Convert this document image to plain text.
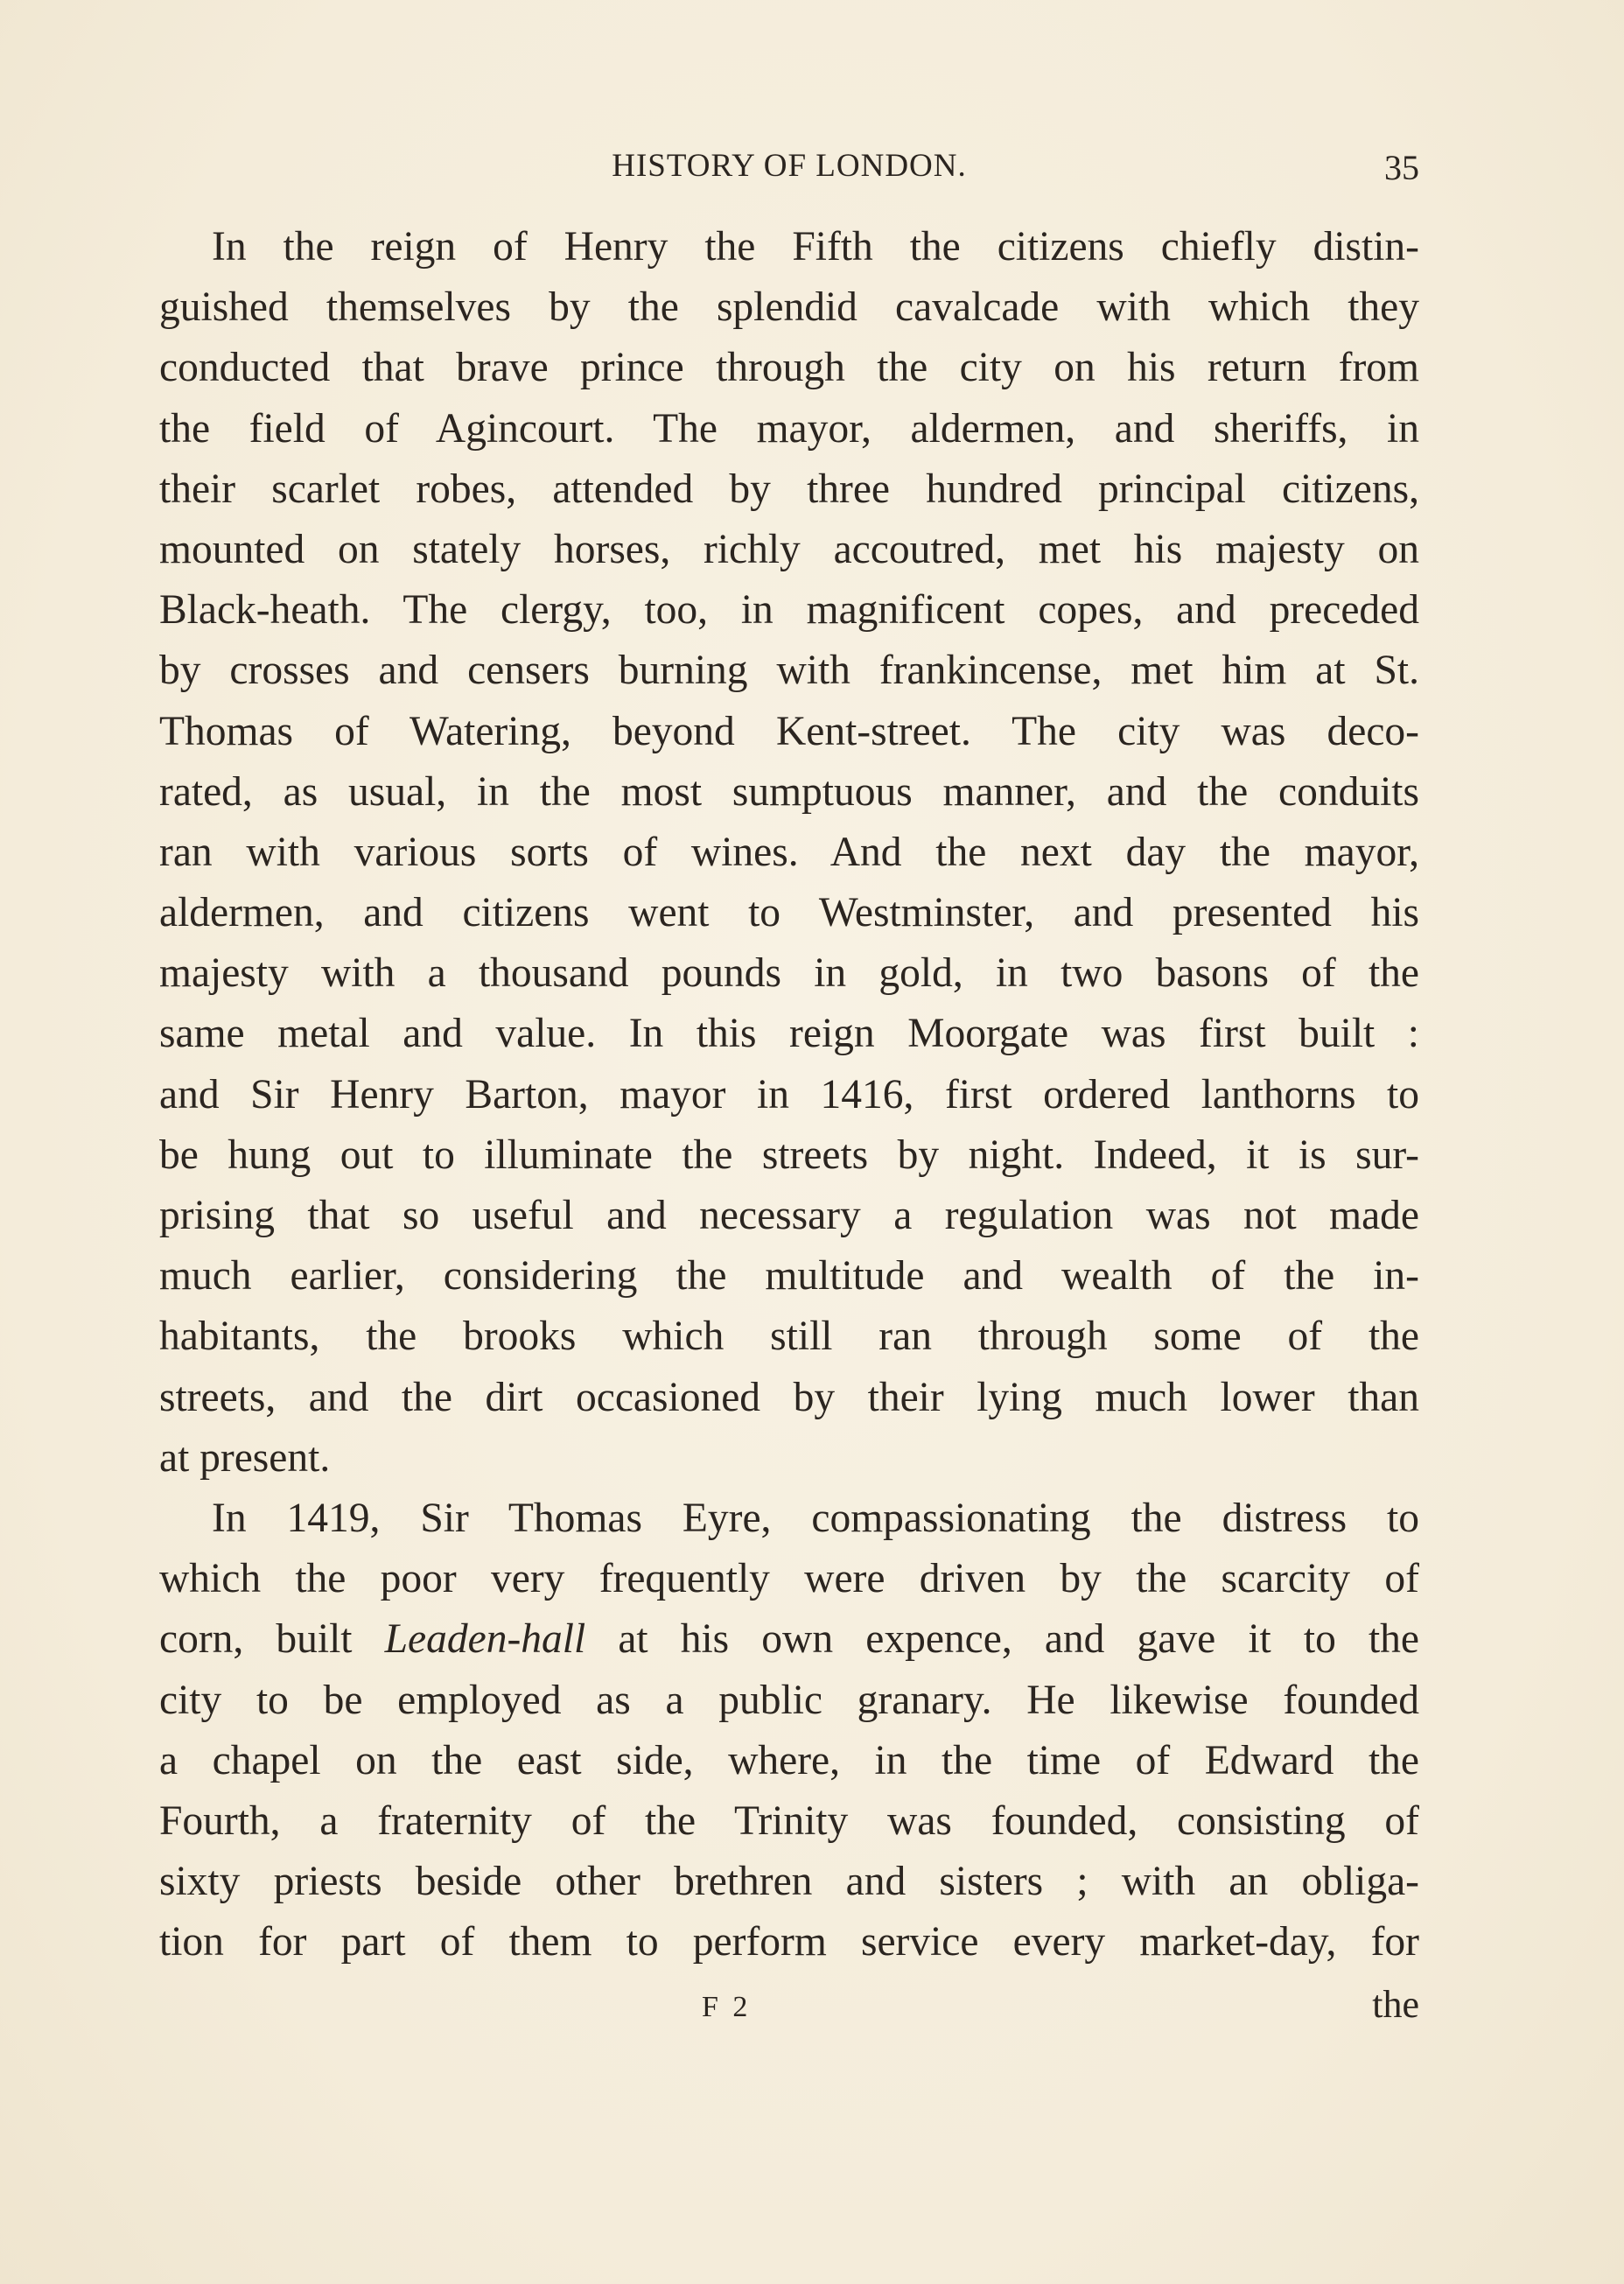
HISTORY OF LONDON.	35
In the reign of Henry the Fifth the citizens chiefly distin-
guished themselves by the splendid cavalcade with which they
conducted that brave prince through the city on his return from
the field of Agincourt. The mayor, aldermen, and sheriffs, in
their scarlet robes, attended by three hundred principal citizens,
mounted on stately horses, richly accoutred, met his majesty on
Black-heath. The clergy, too, in magnificent copes, and preceded
by crosses and censers burning with frankincense, met him at St.
Thomas of Watering, beyond Kent-street. The city was deco-
rated, as usual, in the most sumptuous manner, and the conduits
ran with various sorts of wines. And the next day the mayor,
aldermen, and citizens went to Westminster, and presented his
majesty with a thousand pounds in gold, in two basons of the
same metal and value. In this reign Moorgate was first built :
and Sir Henry Barton, mayor in 1416, first ordered lanthorns to
be hung out to illuminate the streets by night. Indeed, it is sur-
prising that so useful and necessary a regulation was not made
much earlier, considering the multitude and wealth of the in-
habitants, the brooks which still ran through some of the
streets, and the dirt occasioned by their lying much lower than
at present.
In 1419, Sir Thomas Eyre, compassionating the distress to
which the poor very frequently were driven by the scarcity of
corn, built Leaden-hall at his own expence, and gave it to the
city to be employed as a public granary. He likewise founded
a chapel on the east side, where, in the time of Edward the
Fourth, a fraternity of the Trinity was founded, consisting of
sixty priests beside other brethren and sisters ; with an obliga-
tion for part of them to perform service every market-day, for
F 2	the
